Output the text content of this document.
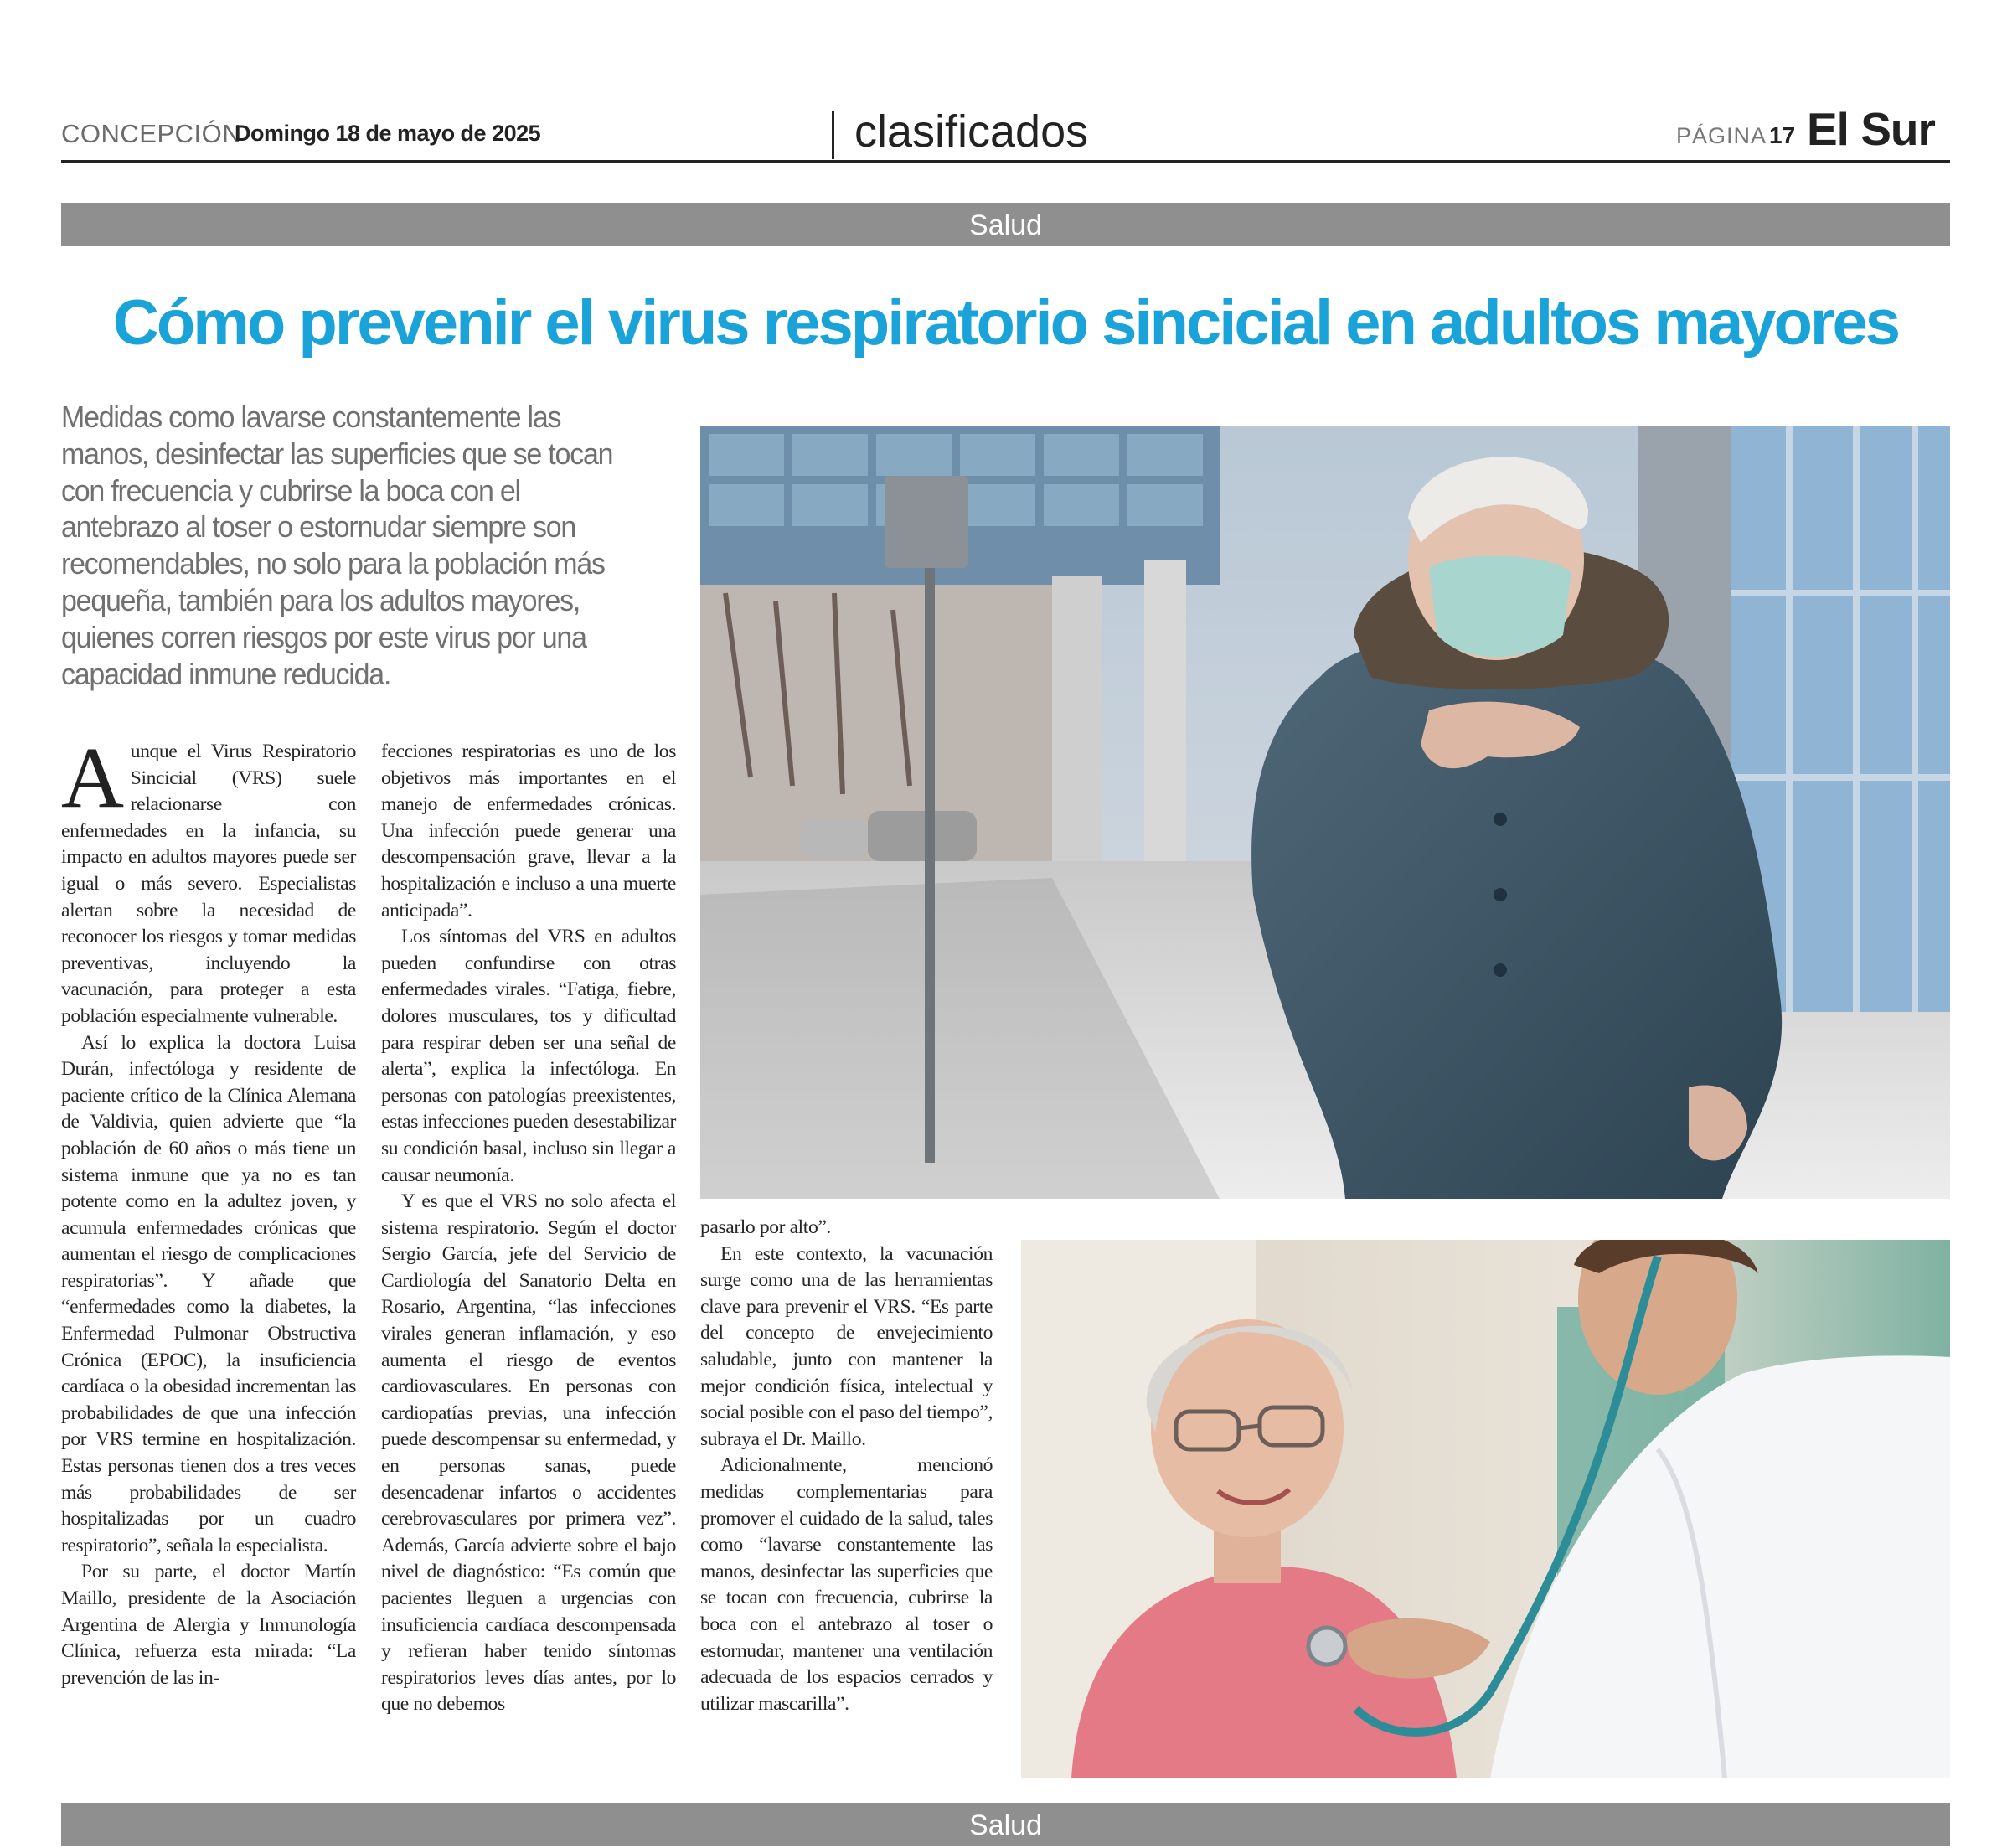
CONCEPCIÓN
Domingo 18 de mayo de 2025	clasificados	PÁGINA 17 El Sur
Salud
Cómo prevenir el virus respiratorio sincicial en adultos mayores
Medidas como lavarse constantemente las manos, desinfectar las superficies que se tocan con frecuencia y cubrirse la boca con el antebrazo al toser o estornudar siempre son recomendables, no solo para la población más pequeña, también para los adultos mayores, quienes corren riesgos por este virus por una capacidad inmune reducida.

Aunque el Virus Respiratorio Sincicial (VRS) suele relacionarse con enfermedades en la infancia, su impacto en adultos mayores puede ser igual o más severo. Especialistas alertan sobre la necesidad de reconocer los riesgos y tomar medidas preventivas, incluyendo la vacunación, para proteger a esta población especialmente vulnerable.

Así lo explica la doctora Luisa Durán, infectóloga y residente de paciente crítico de la Clínica Alemana de Valdivia, quien advierte que “la población de 60 años o más tiene un sistema inmune que ya no es tan potente como en la adultez joven, y acumula enfermedades crónicas que aumentan el riesgo de complicaciones respiratorias”. Y añade que “enfermedades como la diabetes, la Enfermedad Pulmonar Obstructiva Crónica (EPOC), la insuficiencia cardíaca o la obesidad incrementan las probabilidades de que una infección por VRS termine en hospitalización. Estas personas tienen dos a tres veces más probabilidades de ser hospitalizadas por un cuadro respiratorio”, señala la especialista.

Por su parte, el doctor Martín Maillo, presidente de la Asociación Argentina de Alergia y Inmunología Clínica, refuerza esta mirada: “La prevención de las in-

fecciones respiratorias es uno de los objetivos más importantes en el manejo de enfermedades crónicas. Una infección puede generar una descompensación grave, llevar a la hospitalización e incluso a una muerte anticipada”.

Los síntomas del VRS en adultos pueden confundirse con otras enfermedades virales. “Fatiga, fiebre, dolores musculares, tos y dificultad para respirar deben ser una señal de alerta”, explica la infectóloga. En personas con patologías preexistentes, estas infecciones pueden desestabilizar su condición basal, incluso sin llegar a causar neumonía.

Y es que el VRS no solo afecta el sistema respiratorio. Según el doctor Sergio García, jefe del Servicio de Cardiología del Sanatorio Delta en Rosario, Argentina, “las infecciones virales generan inflamación, y eso aumenta el riesgo de eventos cardiovasculares. En personas con cardiopatías previas, una infección puede descompensar su enfermedad, y en personas sanas, puede desencadenar infartos o accidentes cerebrovasculares por primera vez”. Además, García advierte sobre el bajo nivel de diagnóstico: “Es común que pacientes lleguen a urgencias con insuficiencia cardíaca descompensada y refieran haber tenido síntomas respiratorios leves días antes, por lo que no debemos

pasarlo por alto”.

En este contexto, la vacunación surge como una de las herramientas clave para prevenir el VRS. “Es parte del concepto de envejecimiento saludable, junto con mantener la mejor condición física, intelectual y social posible con el paso del tiempo”, subraya el Dr. Maillo.

Adicionalmente, mencionó medidas complementarias para promover el cuidado de la salud, tales como “lavarse constantemente las manos, desinfectar las superficies que se tocan con frecuencia, cubrirse la boca con el antebrazo al toser o estornudar, mantener una ventilación adecuada de los espacios cerrados y utilizar mascarilla”.

Salud
